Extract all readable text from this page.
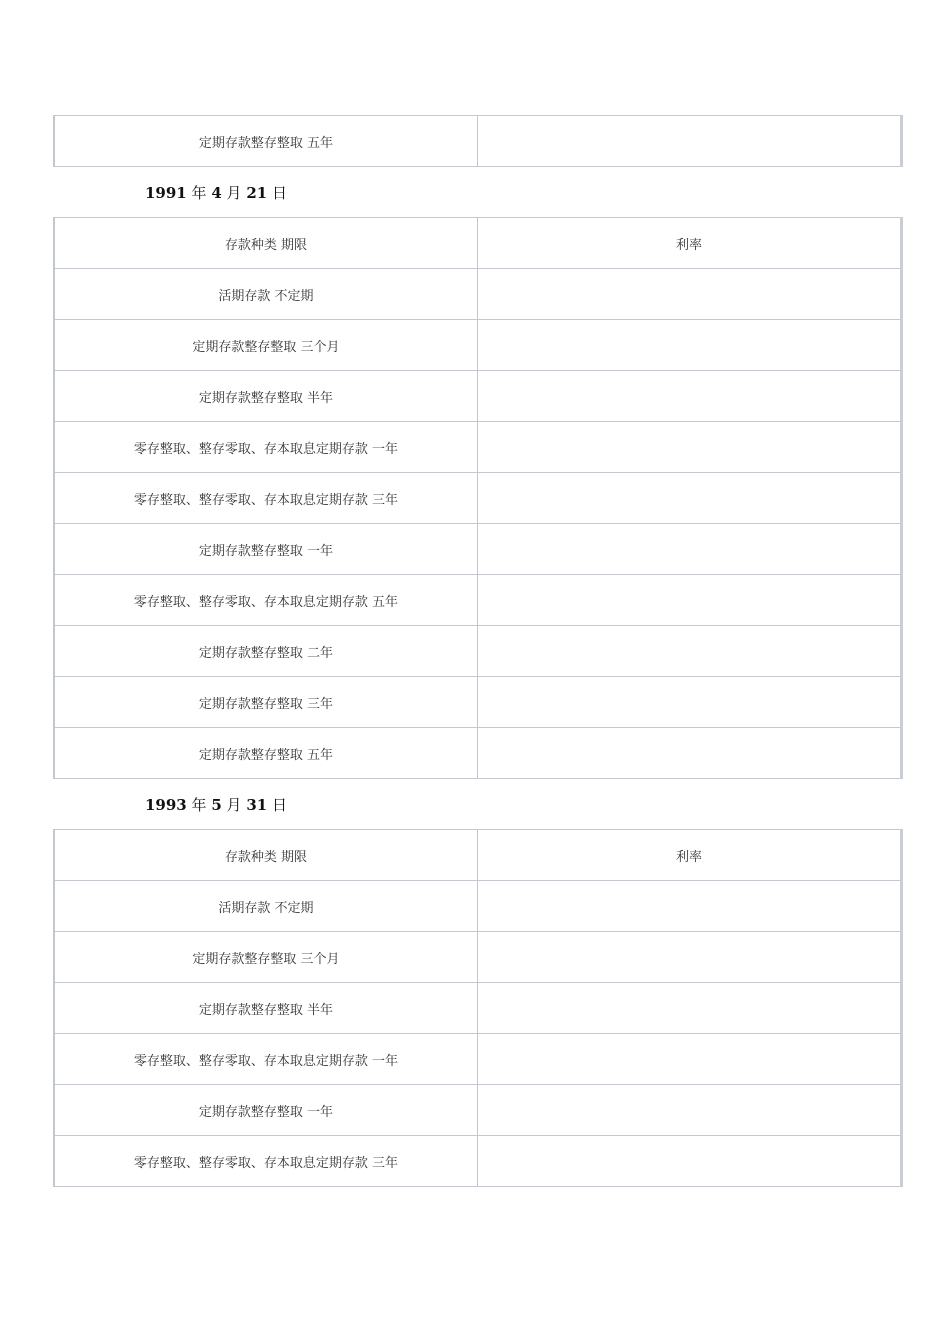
定期存款整存整取 五年	
1991 年 4 月 21 日
存款种类 期限	利率
活期存款 不定期	
定期存款整存整取 三个月	
定期存款整存整取 半年	
零存整取、整存零取、存本取息定期存款 一年	
零存整取、整存零取、存本取息定期存款 三年	
定期存款整存整取 一年	
零存整取、整存零取、存本取息定期存款 五年	
定期存款整存整取 二年	
定期存款整存整取 三年	
定期存款整存整取 五年	
1993 年 5 月 31 日
存款种类 期限	利率
活期存款 不定期	
定期存款整存整取 三个月	
定期存款整存整取 半年	
零存整取、整存零取、存本取息定期存款 一年	
定期存款整存整取 一年	
零存整取、整存零取、存本取息定期存款 三年	
